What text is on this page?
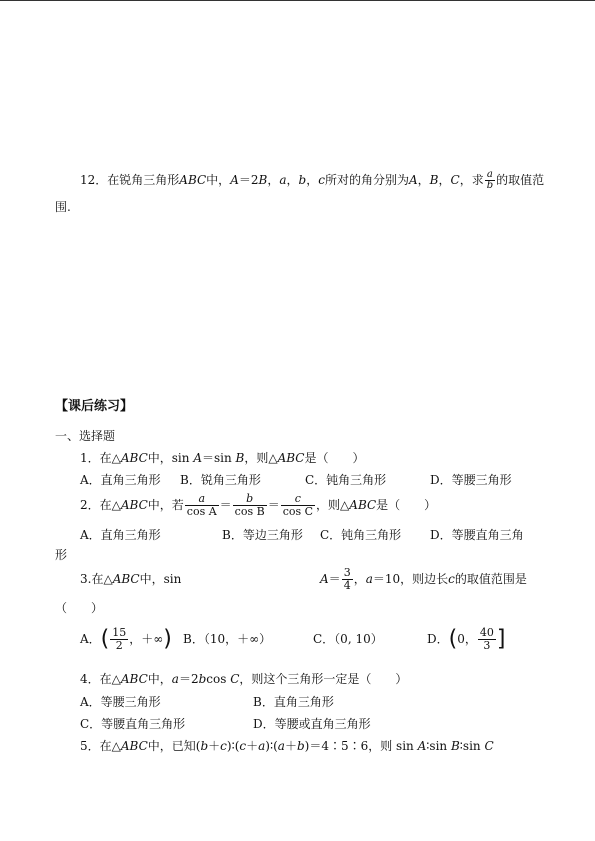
12．在锐角三角形ABC中，A＝2B，a，b，c所对的角分别为A，B，C，求 $\frac{a}{b}$ 的取值范
围.
【课后练习】
一、选择题
1．在△ABC中，sin A＝sin B，则△ABC是（　　）
A．直角三角形 B．锐角三角形	C．钝角三角形	D．等腰三角形
2．在△ABC中，若 $\frac{a}{\text{cos A}} = \frac{b}{\text{cos B}} = \frac{c}{\text{cos C}}$ ，则△ABC是（　　）
A．直角三角形	B．等边三角形 C．钝角三角形 D．等腰直角三角
形
3.在△ABC中，sin	$A= \frac{3}{4}$ ，a＝10，则边长c的取值范围是
（　　）
A．( $\frac{15}{2}$ ，＋∞) B．（10，＋∞）	C．（0, 10）	D．(0， $\frac{40}{3}$ ]
4．在△ABC中，a＝2bcos C，则这个三角形一定是（　　）
A．等腰三角形	B．直角三角形
C．等腰直角三角形	D．等腰或直角三角形
5．在△ABC中，已知(b＋c)∶(c＋a)∶(a＋b)＝4∶5∶6，则 sin A∶sin B∶sin C
